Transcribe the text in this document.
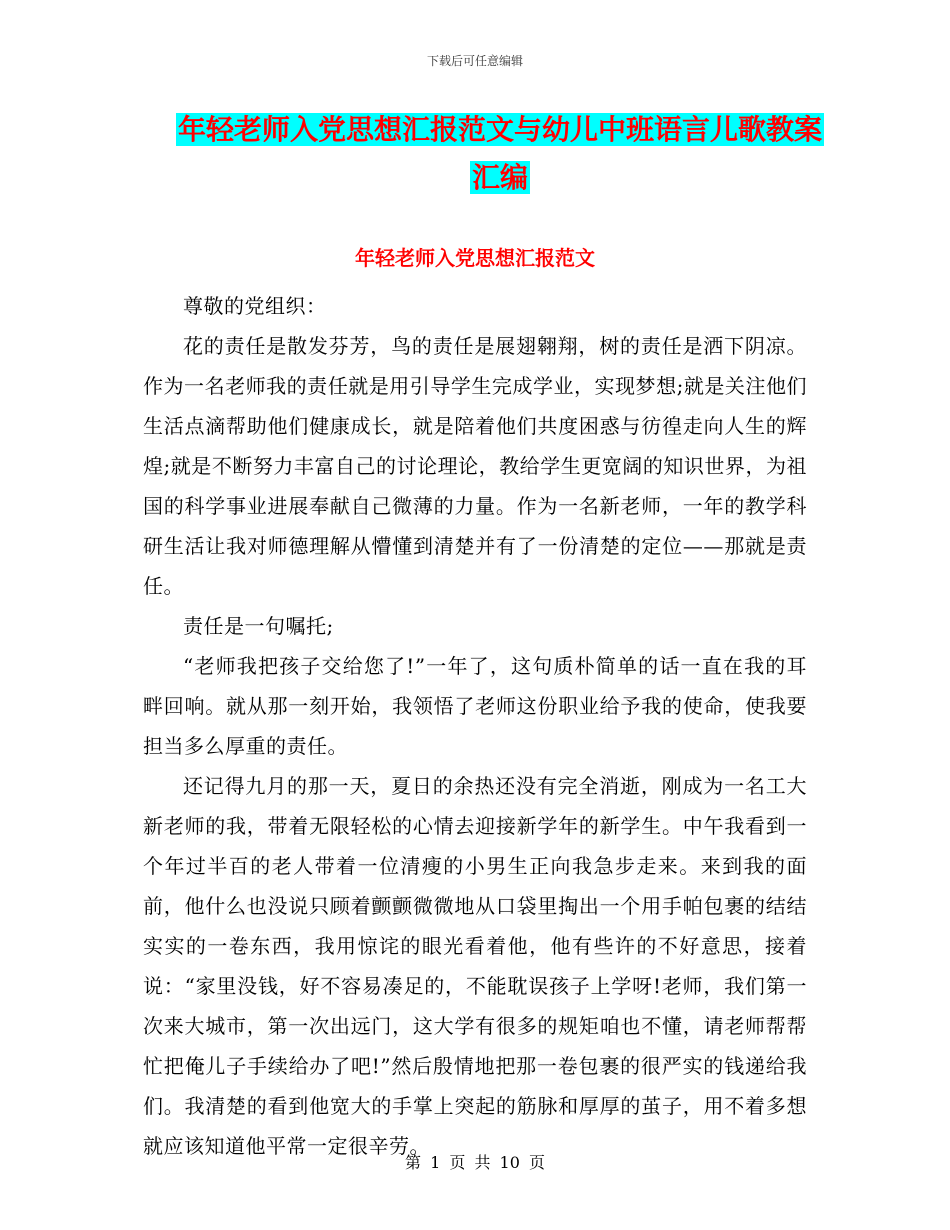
下载后可任意编辑
年轻老师入党思想汇报范文与幼儿中班语言儿歌教案
汇编
年轻老师入党思想汇报范文

尊敬的党组织：

花的责任是散发芬芳，鸟的责任是展翅翱翔，树的责任是洒下阴凉。作为一名老师我的责任就是用引导学生完成学业，实现梦想;就是关注他们生活点滴帮助他们健康成长，就是陪着他们共度困惑与彷徨走向人生的辉煌;就是不断努力丰富自己的讨论理论，教给学生更宽阔的知识世界，为祖国的科学事业进展奉献自己微薄的力量。作为一名新老师，一年的教学科研生活让我对师德理解从懵懂到清楚并有了一份清楚的定位——那就是责任。

责任是一句嘱托;

“老师我把孩子交给您了!”一年了，这句质朴简单的话一直在我的耳畔回响。就从那一刻开始，我领悟了老师这份职业给予我的使命，使我要担当多么厚重的责任。

还记得九月的那一天，夏日的余热还没有完全消逝，刚成为一名工大新老师的我，带着无限轻松的心情去迎接新学年的新学生。中午我看到一个年过半百的老人带着一位清瘦的小男生正向我急步走来。来到我的面前，他什么也没说只顾着颤颤微微地从口袋里掏出一个用手帕包裹的结结实实的一卷东西，我用惊诧的眼光看着他，他有些许的不好意思，接着说：“家里没钱，好不容易凑足的，不能耽误孩子上学呀!老师，我们第一次来大城市，第一次出远门，这大学有很多的规矩咱也不懂，请老师帮帮忙把俺儿子手续给办了吧!”然后殷情地把那一卷包裹的很严实的钱递给我们。我清楚的看到他宽大的手掌上突起的筋脉和厚厚的茧子，用不着多想就应该知道他平常一定很辛劳。

第 1 页 共 10 页
